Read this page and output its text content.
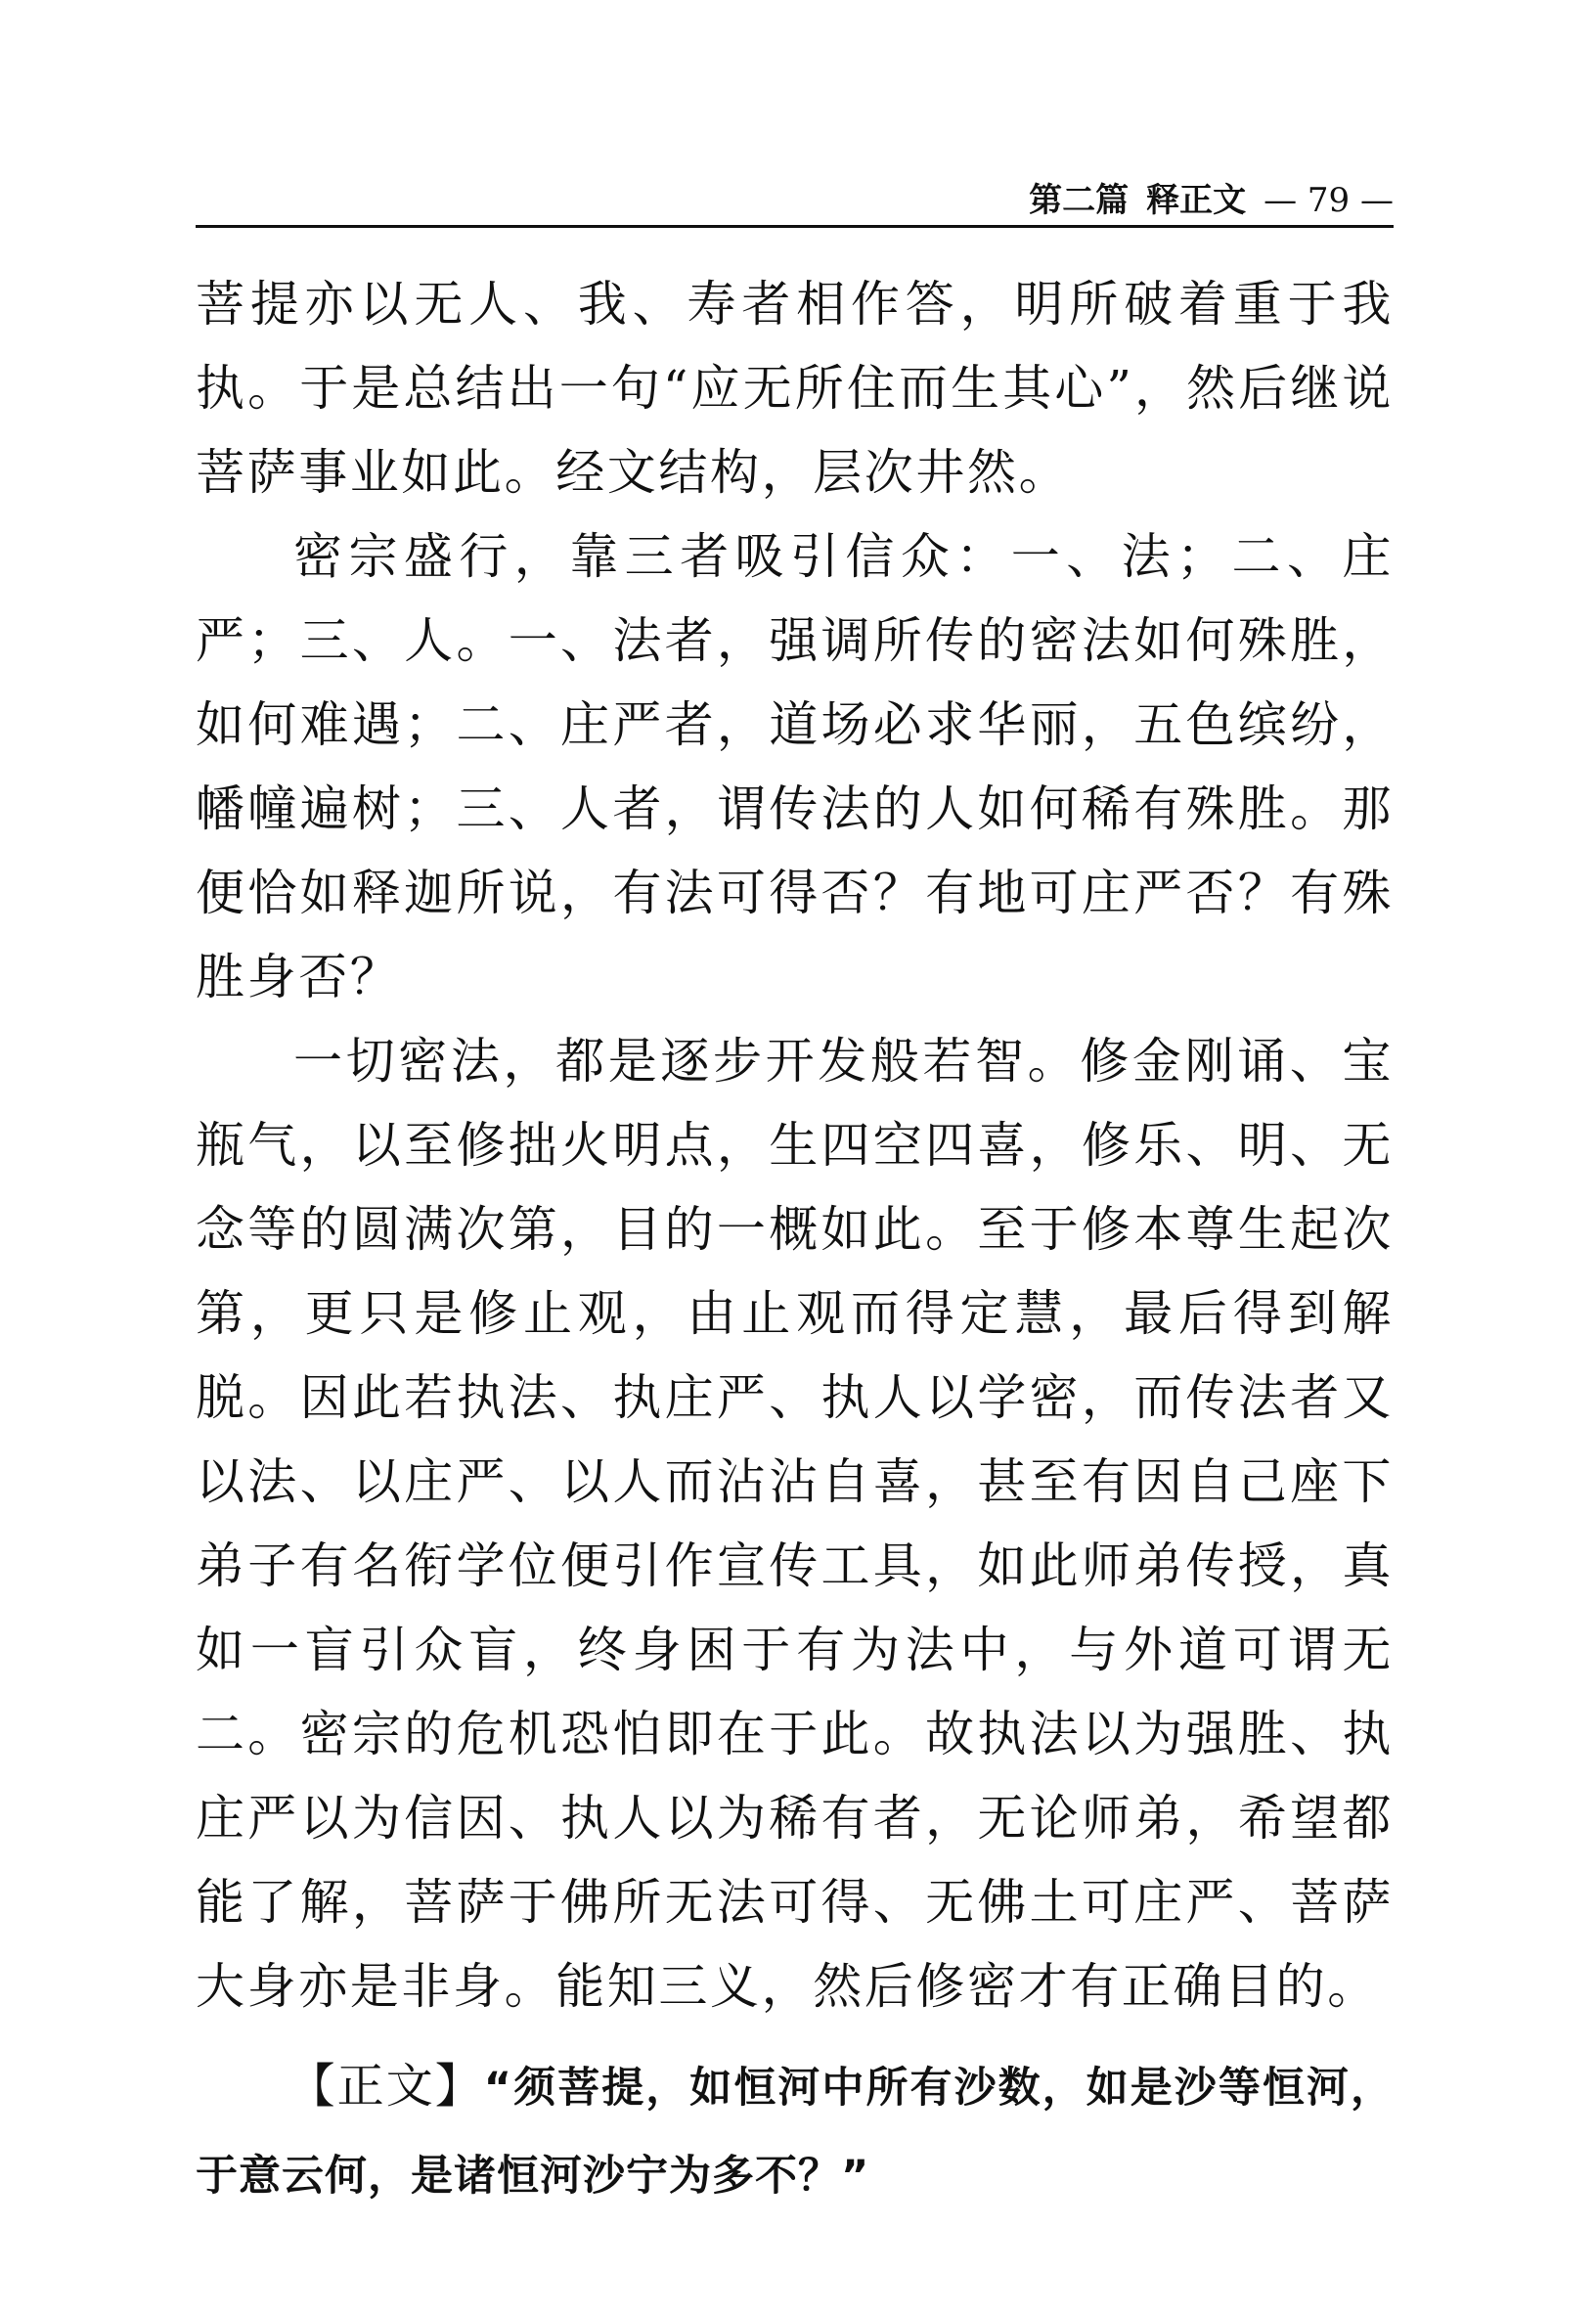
第二篇 释正文 — 79 —

菩提亦以无人、我、寿者相作答，明所破着重于我执。于是总结出一句“应无所住而生其心”，然后继说菩萨事业如此。经文结构，层次井然。

密宗盛行，靠三者吸引信众：一、法；二、庄严；三、人。一、法者，强调所传的密法如何殊胜，如何难遇；二、庄严者，道场必求华丽，五色缤纷，幡幢遍树；三、人者，谓传法的人如何稀有殊胜。那便恰如释迦所说，有法可得否？有地可庄严否？有殊胜身否？

一切密法，都是逐步开发般若智。修金刚诵、宝瓶气，以至修拙火明点，生四空四喜，修乐、明、无念等的圆满次第，目的一概如此。至于修本尊生起次第，更只是修止观，由止观而得定慧，最后得到解脱。因此若执法、执庄严、执人以学密，而传法者又以法、以庄严、以人而沾沾自喜，甚至有因自己座下弟子有名衔学位便引作宣传工具，如此师弟传授，真如一盲引众盲，终身困于有为法中，与外道可谓无二。密宗的危机恐怕即在于此。故执法以为强胜、执庄严以为信因、执人以为稀有者，无论师弟，希望都能了解，菩萨于佛所无法可得、无佛土可庄严、菩萨大身亦是非身。能知三义，然后修密才有正确目的。

【正文】“须菩提，如恒河中所有沙数，如是沙等恒河，于意云何，是诸恒河沙宁为多不？”
